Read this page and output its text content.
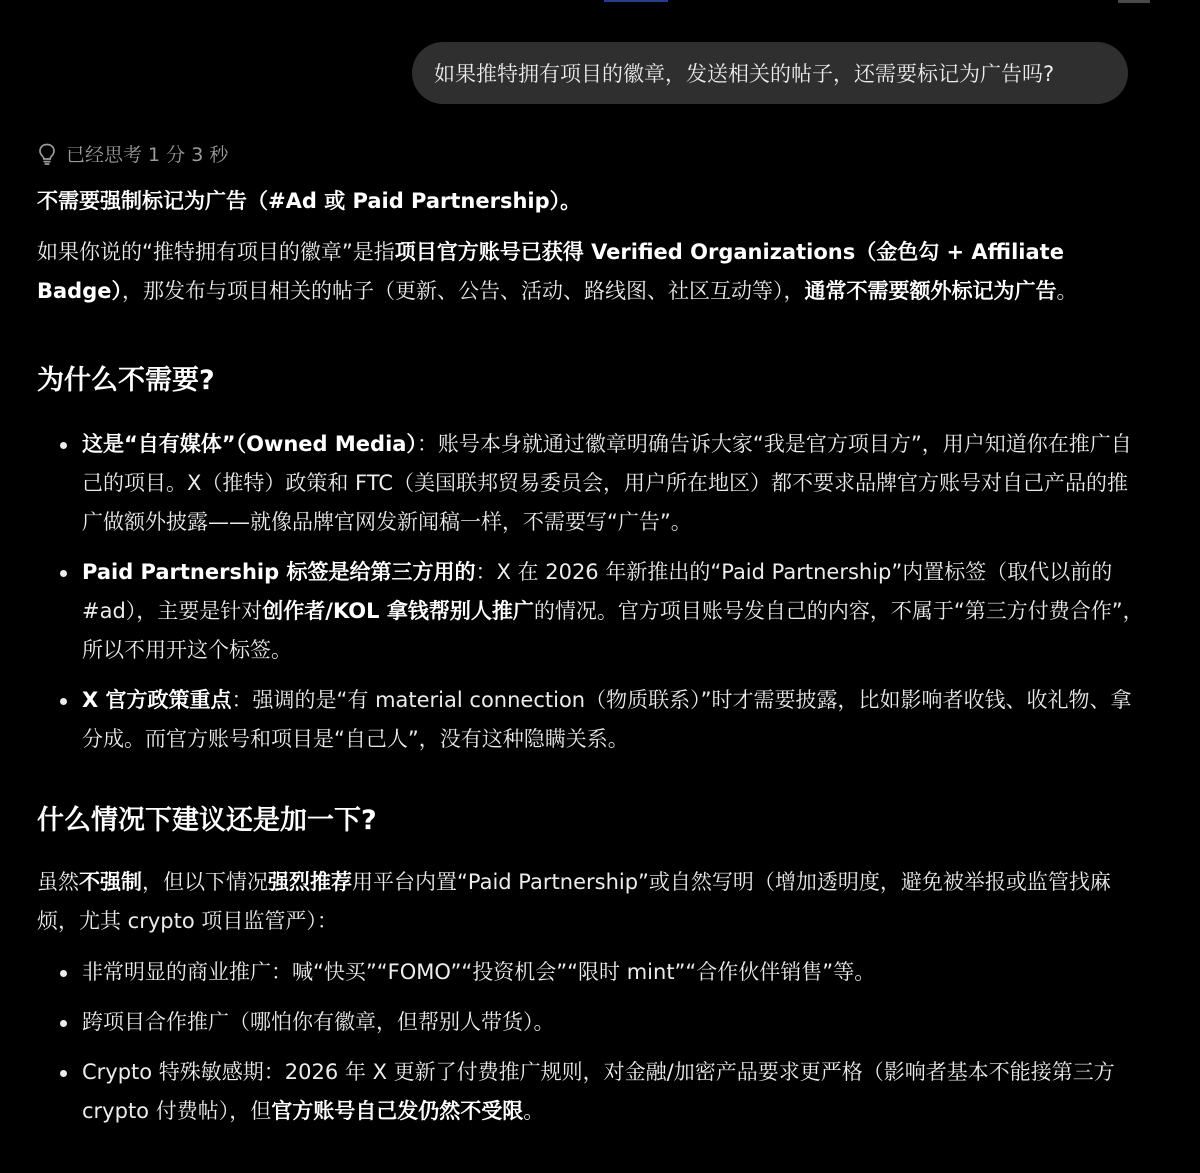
如果推特拥有项目的徽章，发送相关的帖子，还需要标记为广告吗?
已经思考 1 分 3 秒

不需要强制标记为广告（#Ad 或 Paid Partnership）。

如果你说的“推特拥有项目的徽章”是指项目官方账号已获得 Verified Organizations（金色勾 + Affiliate Badge），那发布与项目相关的帖子（更新、公告、活动、路线图、社区互动等），通常不需要额外标记为广告。

为什么不需要?
这是“自有媒体”（Owned Media）：账号本身就通过徽章明确告诉大家“我是官方项目方”，用户知道你在推广自己的项目。X（推特）政策和 FTC（美国联邦贸易委员会，用户所在地区）都不要求品牌官方账号对自己产品的推广做额外披露——就像品牌官网发新闻稿一样，不需要写“广告”。
Paid Partnership 标签是给第三方用的：X 在 2026 年新推出的“Paid Partnership”内置标签（取代以前的 #ad），主要是针对创作者/KOL 拿钱帮别人推广的情况。官方项目账号发自己的内容，不属于“第三方付费合作”，所以不用开这个标签。
X 官方政策重点：强调的是“有 material connection（物质联系）”时才需要披露，比如影响者收钱、收礼物、拿分成。而官方账号和项目是“自己人”，没有这种隐瞒关系。
什么情况下建议还是加一下?

虽然不强制，但以下情况强烈推荐用平台内置“Paid Partnership”或自然写明（增加透明度，避免被举报或监管找麻烦，尤其 crypto 项目监管严）：

非常明显的商业推广：喊“快买”“FOMO”“投资机会”“限时 mint”“合作伙伴销售”等。
跨项目合作推广（哪怕你有徽章，但帮别人带货）。
Crypto 特殊敏感期：2026 年 X 更新了付费推广规则，对金融/加密产品要求更严格（影响者基本不能接第三方 crypto 付费帖），但官方账号自己发仍然不受限。
